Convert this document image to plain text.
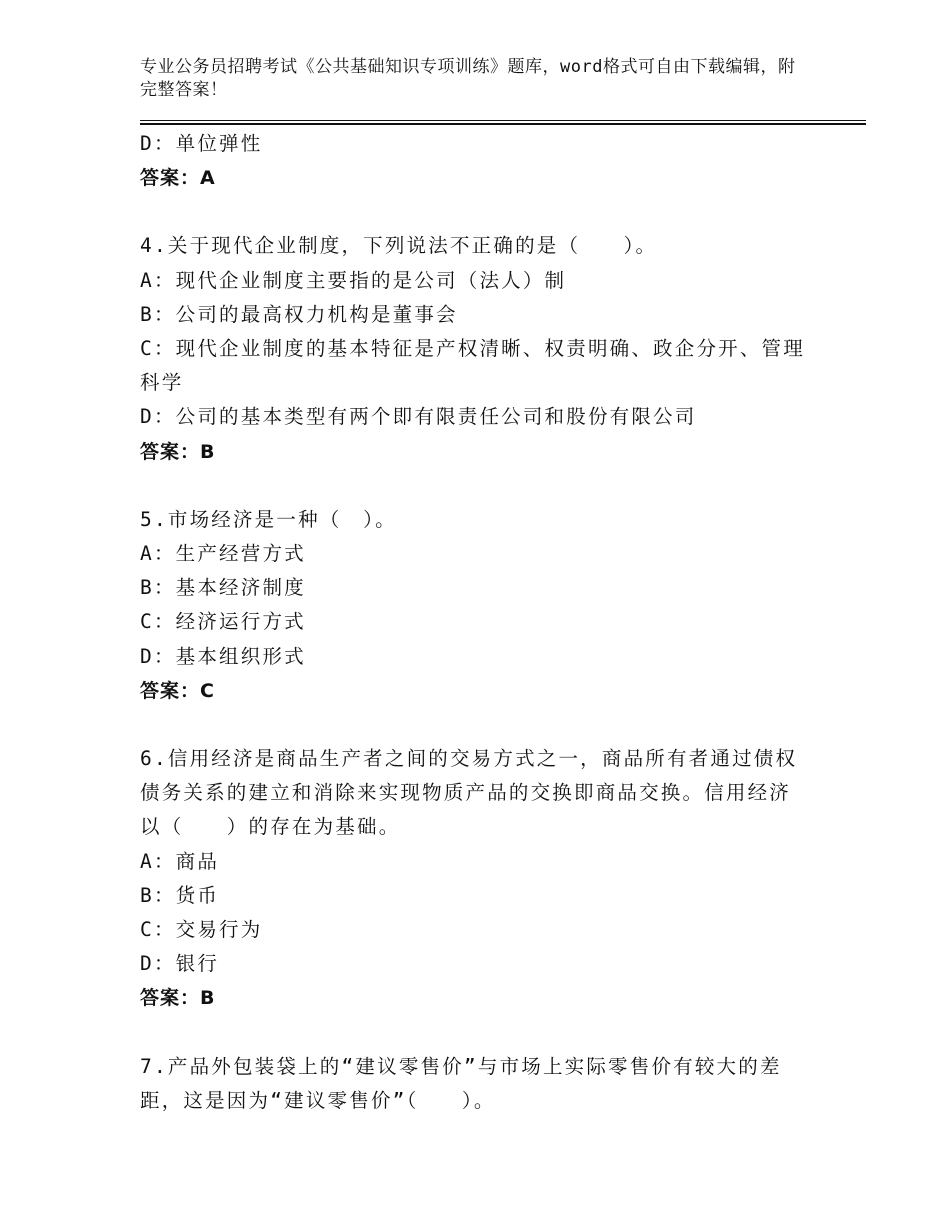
专业公务员招聘考试《公共基础知识专项训练》题库，word格式可自由下载编辑，附完整答案！
D：单位弹性
答案：A
4.关于现代企业制度，下列说法不正确的是（　　）。
A：现代企业制度主要指的是公司（法人）制
B：公司的最高权力机构是董事会
C：现代企业制度的基本特征是产权清晰、权责明确、政企分开、管理
科学
D：公司的基本类型有两个即有限责任公司和股份有限公司
答案：B
5.市场经济是一种（　）。
A：生产经营方式
B：基本经济制度
C：经济运行方式
D：基本组织形式
答案：C
6.信用经济是商品生产者之间的交易方式之一，商品所有者通过债权
债务关系的建立和消除来实现物质产品的交换即商品交换。信用经济
以（　　）的存在为基础。
A：商品
B：货币
C：交易行为
D：银行
答案：B
7.产品外包装袋上的“建议零售价”与市场上实际零售价有较大的差
距，这是因为“建议零售价”（　　）。
